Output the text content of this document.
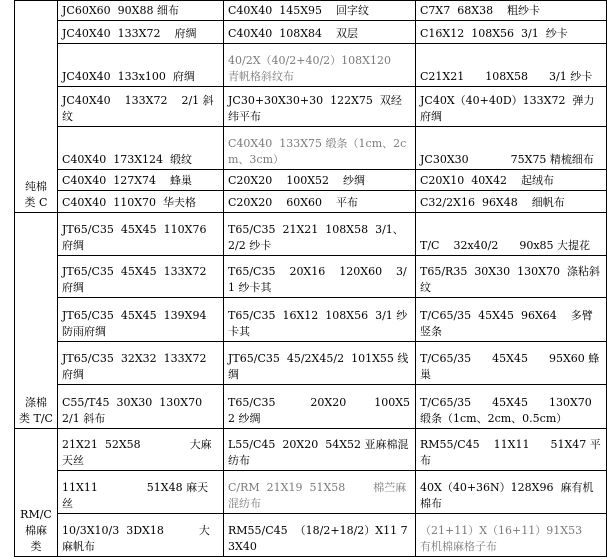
纯棉
类 C	JC60X60  90X88 细布	C40X40  145X95    回字纹	C7X7  68X38    粗纱卡
	JC40X40  133X72    府绸	C40X40  108X84    双层	C16X12  108X56  3/1  纱卡
	JC40X40  133x100  府绸	40/2X（40/2+40/2）108X120    青帆格斜纹布	C21X21      108X58      3/1 纱卡
	JC40X40    133X72    2/1 斜纹	JC30+30X30+30  122X75  双经纬平布	JC40X（40+40D）133X72  弹力府绸
	C40X40  173X124  缎纹	C40X40  133X75 缎条（1cm、2cm、3cm）	JC30X30            75X75 精梳细布
	C40X40  127X74    蜂巢	C20X20    100X52    纱绸	C20X10  40X42    起绒布
	C40X40  110X70  华夫格	C20X20    60X60    平布	C32/2X16  96X48    细帆布
涤棉
类 T/C	JT65/C35  45X45  110X76 府绸	T65/C35  21X21  108X58  3/1、2/2 纱卡	T/C    32x40/2      90x85 大提花
	JT65/C35  45X45  133X72 府绸	T65/C35    20X16    120X60    3/1 纱卡其	T65/R35  30X30  130X70  涤粘斜纹
	JT65/C35  45X45  139X94  防雨府绸	T65/C35  16X12  108X56  3/1 纱卡其	T/C65/35  45X45  96X64    多臂竖条
	JT65/C35  32X32  133X72 府绸	JT65/C35  45/2X45/2  101X55 线绸	T/C65/35      45X45      95X60 蜂巢
	C55/T45  30X30  130X70  2/1 斜布	T65/C35          20X20        100X52 纱绸	T/C65/35      45X45      130X70 缎条（1cm、2cm、0.5cm）
RM/C
棉麻
类	21X21  52X58              大麻天丝	L55/C45  20X20  54X52 亚麻棉混纺布	RM55/C45    11X11      51X47 平布
	11X11              51X48 麻天丝	C/RM  21X19  51X58        棉苎麻混纺布	40X（40+36N）128X96  麻有机棉布
	10/3X10/3  3DX18          大麻帆布	RM55/C45  （18/2+18/2）X11 73X40	（21+11）X（16+11）91X53    有机棉麻格子布
